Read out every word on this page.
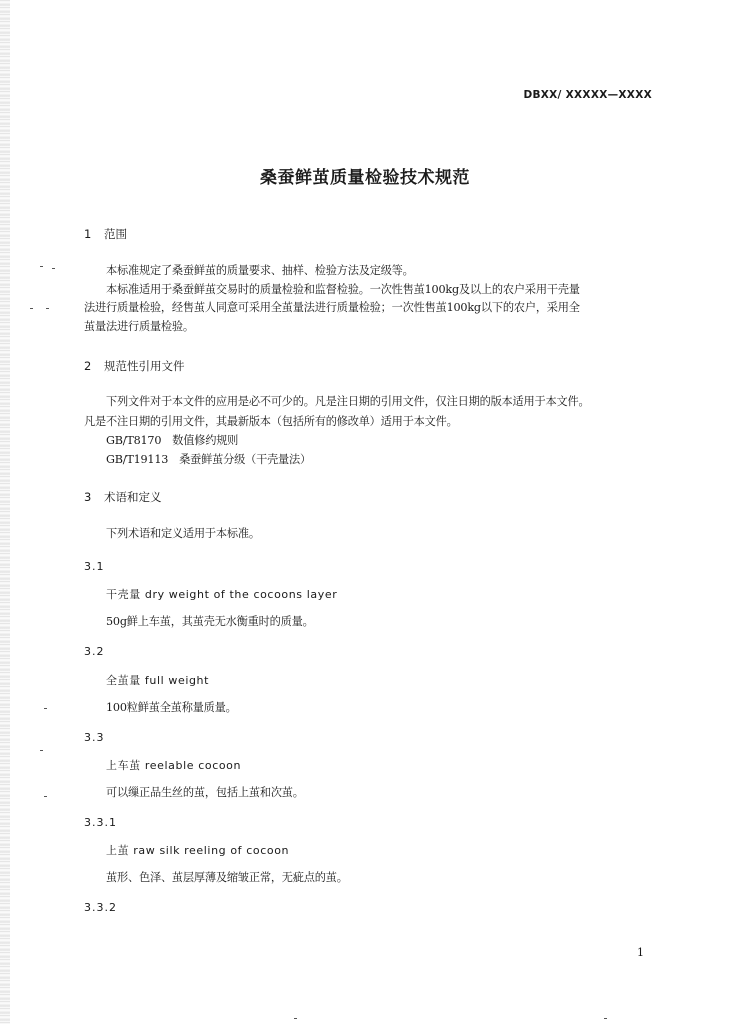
DBXX/ XXXXX—XXXX
桑蚕鲜茧质量检验技术规范
1 范围
本标准规定了桑蚕鲜茧的质量要求、抽样、检验方法及定级等。
本标准适用于桑蚕鲜茧交易时的质量检验和监督检验。一次性售茧100kg及以上的农户采用干壳量
法进行质量检验，经售茧人同意可采用全茧量法进行质量检验；一次性售茧100kg以下的农户，采用全
茧量法进行质量检验。
2 规范性引用文件
下列文件对于本文件的应用是必不可少的。凡是注日期的引用文件，仅注日期的版本适用于本文件。
凡是不注日期的引用文件，其最新版本（包括所有的修改单）适用于本文件。
GB/T8170　数值修约规则
GB/T19113　桑蚕鲜茧分级（干壳量法）
3 术语和定义
下列术语和定义适用于本标准。
3.1
干壳量 dry weight of the cocoons layer
50g鲜上车茧，其茧壳无水衡重时的质量。
3.2
全茧量 full weight
100粒鲜茧全茧称量质量。
3.3
上车茧 reelable cocoon
可以缫正品生丝的茧，包括上茧和次茧。
3.3.1
上茧 raw silk reeling of cocoon
茧形、色泽、茧层厚薄及缩皱正常，无疵点的茧。
3.3.2
1
